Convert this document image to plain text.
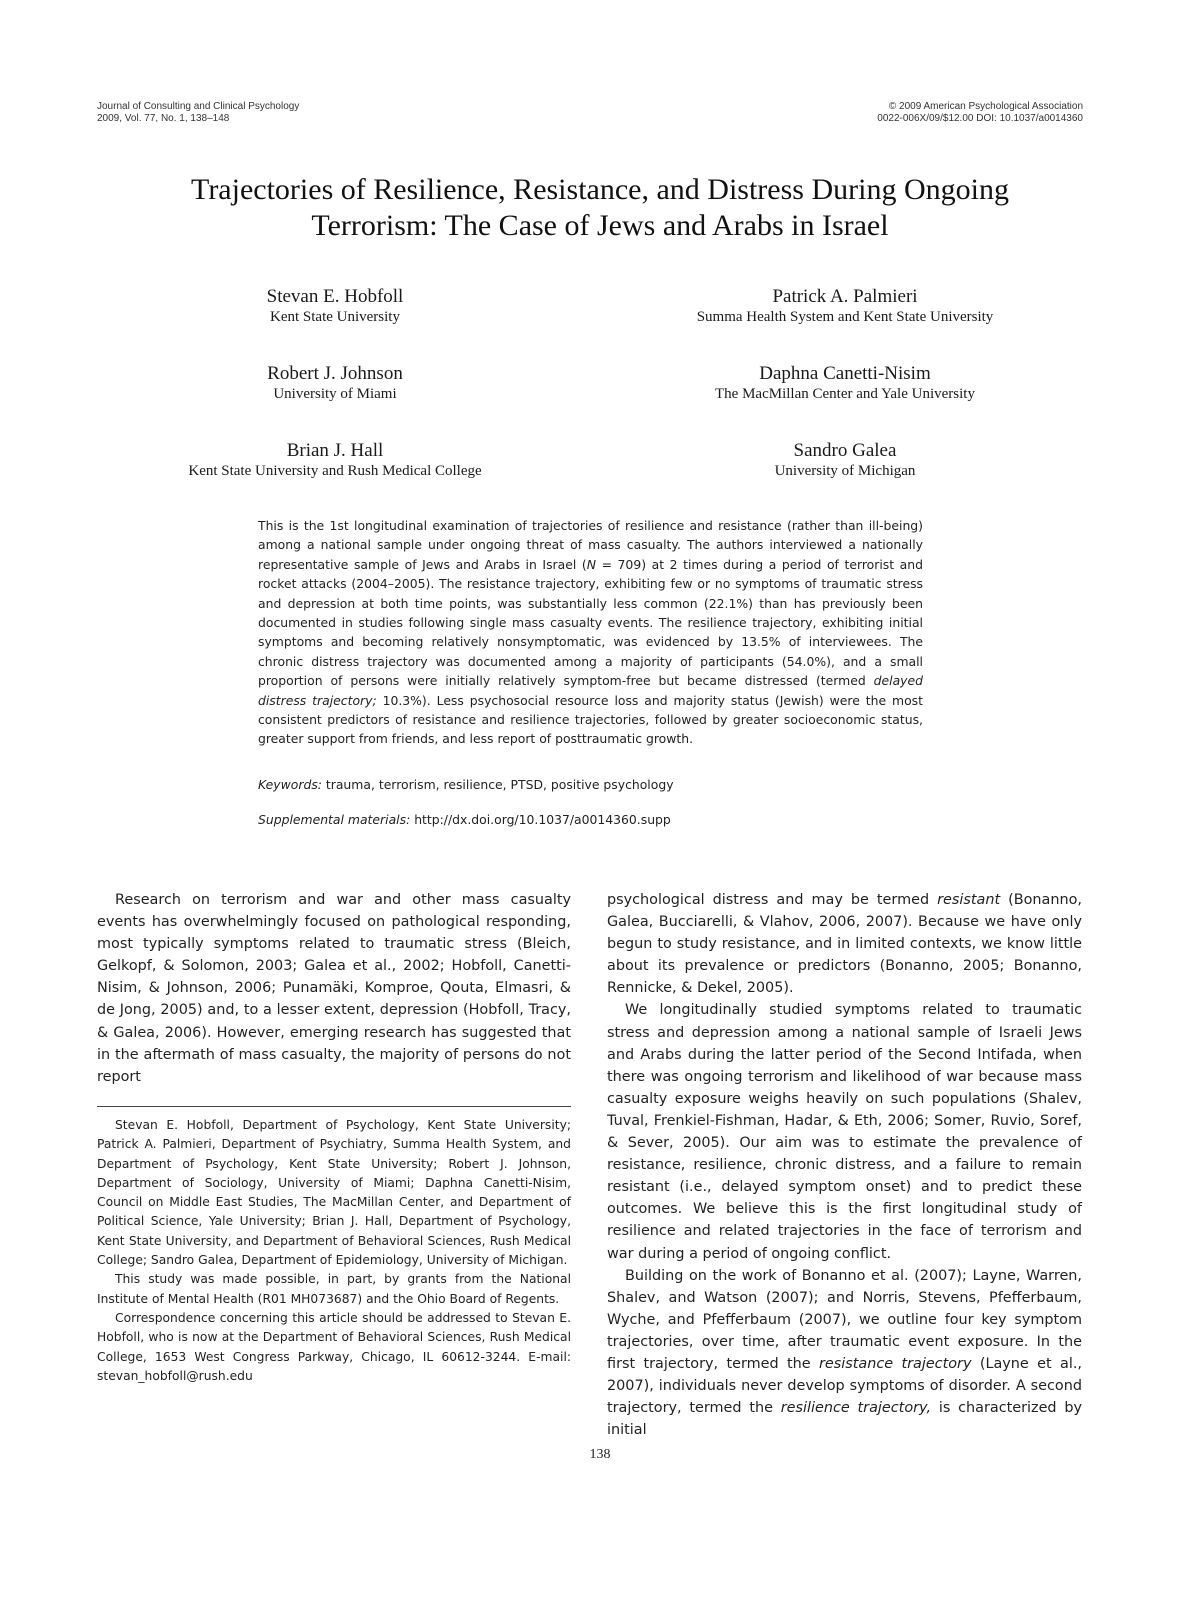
Journal of Consulting and Clinical Psychology
2009, Vol. 77, No. 1, 138–148
© 2009 American Psychological Association
0022-006X/09/$12.00 DOI: 10.1037/a0014360
Trajectories of Resilience, Resistance, and Distress During Ongoing
Terrorism: The Case of Jews and Arabs in Israel
Stevan E. Hobfoll
Kent State University
Patrick A. Palmieri
Summa Health System and Kent State University
Robert J. Johnson
University of Miami
Daphna Canetti-Nisim
The MacMillan Center and Yale University
Brian J. Hall
Kent State University and Rush Medical College
Sandro Galea
University of Michigan

This is the 1st longitudinal examination of trajectories of resilience and resistance (rather than ill-being) among a national sample under ongoing threat of mass casualty. The authors interviewed a nationally representative sample of Jews and Arabs in Israel (N = 709) at 2 times during a period of terrorist and rocket attacks (2004–2005). The resistance trajectory, exhibiting few or no symptoms of traumatic stress and depression at both time points, was substantially less common (22.1%) than has previously been documented in studies following single mass casualty events. The resilience trajectory, exhibiting initial symptoms and becoming relatively nonsymptomatic, was evidenced by 13.5% of interviewees. The chronic distress trajectory was documented among a majority of participants (54.0%), and a small proportion of persons were initially relatively symptom-free but became distressed (termed delayed distress trajectory; 10.3%). Less psychosocial resource loss and majority status (Jewish) were the most consistent predictors of resistance and resilience trajectories, followed by greater socioeconomic status, greater support from friends, and less report of posttraumatic growth.

Keywords: trauma, terrorism, resilience, PTSD, positive psychology
Supplemental materials: http://dx.doi.org/10.1037/a0014360.supp

Research on terrorism and war and other mass casualty events has overwhelmingly focused on pathological responding, most typically symptoms related to traumatic stress (Bleich, Gelkopf, & Solomon, 2003; Galea et al., 2002; Hobfoll, Canetti-Nisim, & Johnson, 2006; Punamäki, Komproe, Qouta, Elmasri, & de Jong, 2005) and, to a lesser extent, depression (Hobfoll, Tracy, & Galea, 2006). However, emerging research has suggested that in the aftermath of mass casualty, the majority of persons do not report

Stevan E. Hobfoll, Department of Psychology, Kent State University; Patrick A. Palmieri, Department of Psychiatry, Summa Health System, and Department of Psychology, Kent State University; Robert J. Johnson, Department of Sociology, University of Miami; Daphna Canetti-Nisim, Council on Middle East Studies, The MacMillan Center, and Department of Political Science, Yale University; Brian J. Hall, Department of Psychology, Kent State University, and Department of Behavioral Sciences, Rush Medical College; Sandro Galea, Department of Epidemiology, University of Michigan.

This study was made possible, in part, by grants from the National Institute of Mental Health (R01 MH073687) and the Ohio Board of Regents.

Correspondence concerning this article should be addressed to Stevan E. Hobfoll, who is now at the Department of Behavioral Sciences, Rush Medical College, 1653 West Congress Parkway, Chicago, IL 60612-3244. E-mail: stevan_hobfoll@rush.edu

psychological distress and may be termed resistant (Bonanno, Galea, Bucciarelli, & Vlahov, 2006, 2007). Because we have only begun to study resistance, and in limited contexts, we know little about its prevalence or predictors (Bonanno, 2005; Bonanno, Rennicke, & Dekel, 2005).

We longitudinally studied symptoms related to traumatic stress and depression among a national sample of Israeli Jews and Arabs during the latter period of the Second Intifada, when there was ongoing terrorism and likelihood of war because mass casualty exposure weighs heavily on such populations (Shalev, Tuval, Frenkiel-Fishman, Hadar, & Eth, 2006; Somer, Ruvio, Soref, & Sever, 2005). Our aim was to estimate the prevalence of resistance, resilience, chronic distress, and a failure to remain resistant (i.e., delayed symptom onset) and to predict these outcomes. We believe this is the first longitudinal study of resilience and related trajectories in the face of terrorism and war during a period of ongoing conflict.

Building on the work of Bonanno et al. (2007); Layne, Warren, Shalev, and Watson (2007); and Norris, Stevens, Pfefferbaum, Wyche, and Pfefferbaum (2007), we outline four key symptom trajectories, over time, after traumatic event exposure. In the first trajectory, termed the resistance trajectory (Layne et al., 2007), individuals never develop symptoms of disorder. A second trajectory, termed the resilience trajectory, is characterized by initial

138
